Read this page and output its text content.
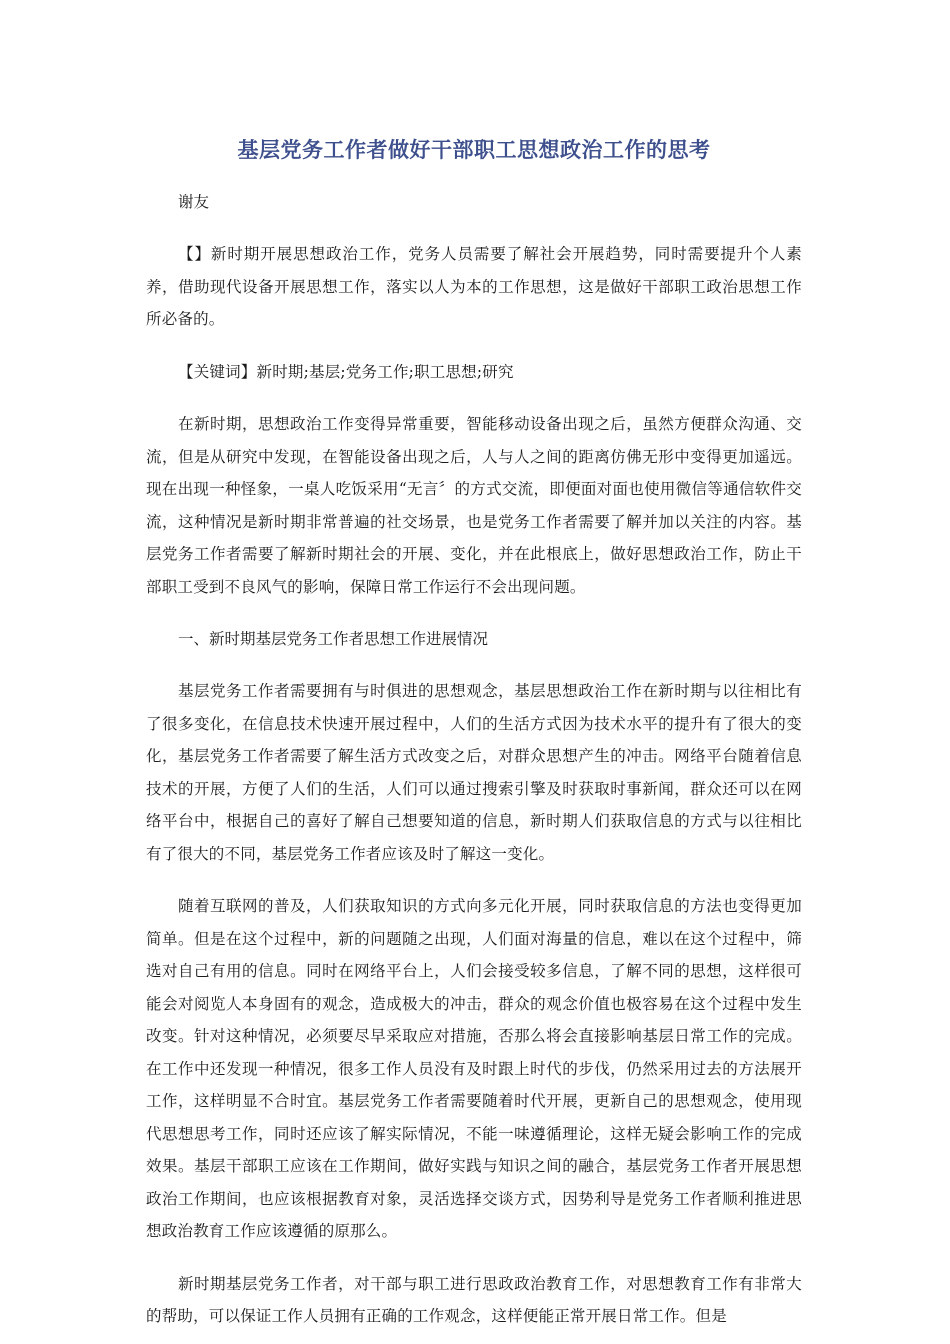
基层党务工作者做好干部职工思想政治工作的思考

谢友

【】新时期开展思想政治工作，党务人员需要了解社会开展趋势，同时需要提升个人素养，借助现代设备开展思想工作，落实以人为本的工作思想，这是做好干部职工政治思想工作所必备的。

【关键词】新时期;基层;党务工作;职工思想;研究

在新时期，思想政治工作变得异常重要，智能移动设备出现之后，虽然方便群众沟通、交流，但是从研究中发现，在智能设备出现之后，人与人之间的距离仿佛无形中变得更加遥远。现在出现一种怪象，一桌人吃饭采用“无言〞的方式交流，即便面对面也使用微信等通信软件交流，这种情况是新时期非常普遍的社交场景，也是党务工作者需要了解并加以关注的内容。基层党务工作者需要了解新时期社会的开展、变化，并在此根底上，做好思想政治工作，防止干部职工受到不良风气的影响，保障日常工作运行不会出现问题。

一、新时期基层党务工作者思想工作进展情况

基层党务工作者需要拥有与时俱进的思想观念，基层思想政治工作在新时期与以往相比有了很多变化，在信息技术快速开展过程中，人们的生活方式因为技术水平的提升有了很大的变化，基层党务工作者需要了解生活方式改变之后，对群众思想产生的冲击。网络平台随着信息技术的开展，方便了人们的生活，人们可以通过搜索引擎及时获取时事新闻，群众还可以在网络平台中，根据自己的喜好了解自己想要知道的信息，新时期人们获取信息的方式与以往相比有了很大的不同，基层党务工作者应该及时了解这一变化。

随着互联网的普及，人们获取知识的方式向多元化开展，同时获取信息的方法也变得更加简单。但是在这个过程中，新的问题随之出现，人们面对海量的信息，难以在这个过程中，筛选对自己有用的信息。同时在网络平台上，人们会接受较多信息，了解不同的思想，这样很可能会对阅览人本身固有的观念，造成极大的冲击，群众的观念价值也极容易在这个过程中发生改变。针对这种情况，必须要尽早采取应对措施，否那么将会直接影响基层日常工作的完成。在工作中还发现一种情况，很多工作人员没有及时跟上时代的步伐，仍然采用过去的方法展开工作，这样明显不合时宜。基层党务工作者需要随着时代开展，更新自己的思想观念，使用现代思想思考工作，同时还应该了解实际情况，不能一味遵循理论，这样无疑会影响工作的完成效果。基层干部职工应该在工作期间，做好实践与知识之间的融合，基层党务工作者开展思想政治工作期间，也应该根据教育对象，灵活选择交谈方式，因势利导是党务工作者顺利推进思想政治教育工作应该遵循的原那么。

新时期基层党务工作者，对干部与职工进行思政政治教育工作，对思想教育工作有非常大的帮助，可以保证工作人员拥有正确的工作观念，这样便能正常开展日常工作。但是
